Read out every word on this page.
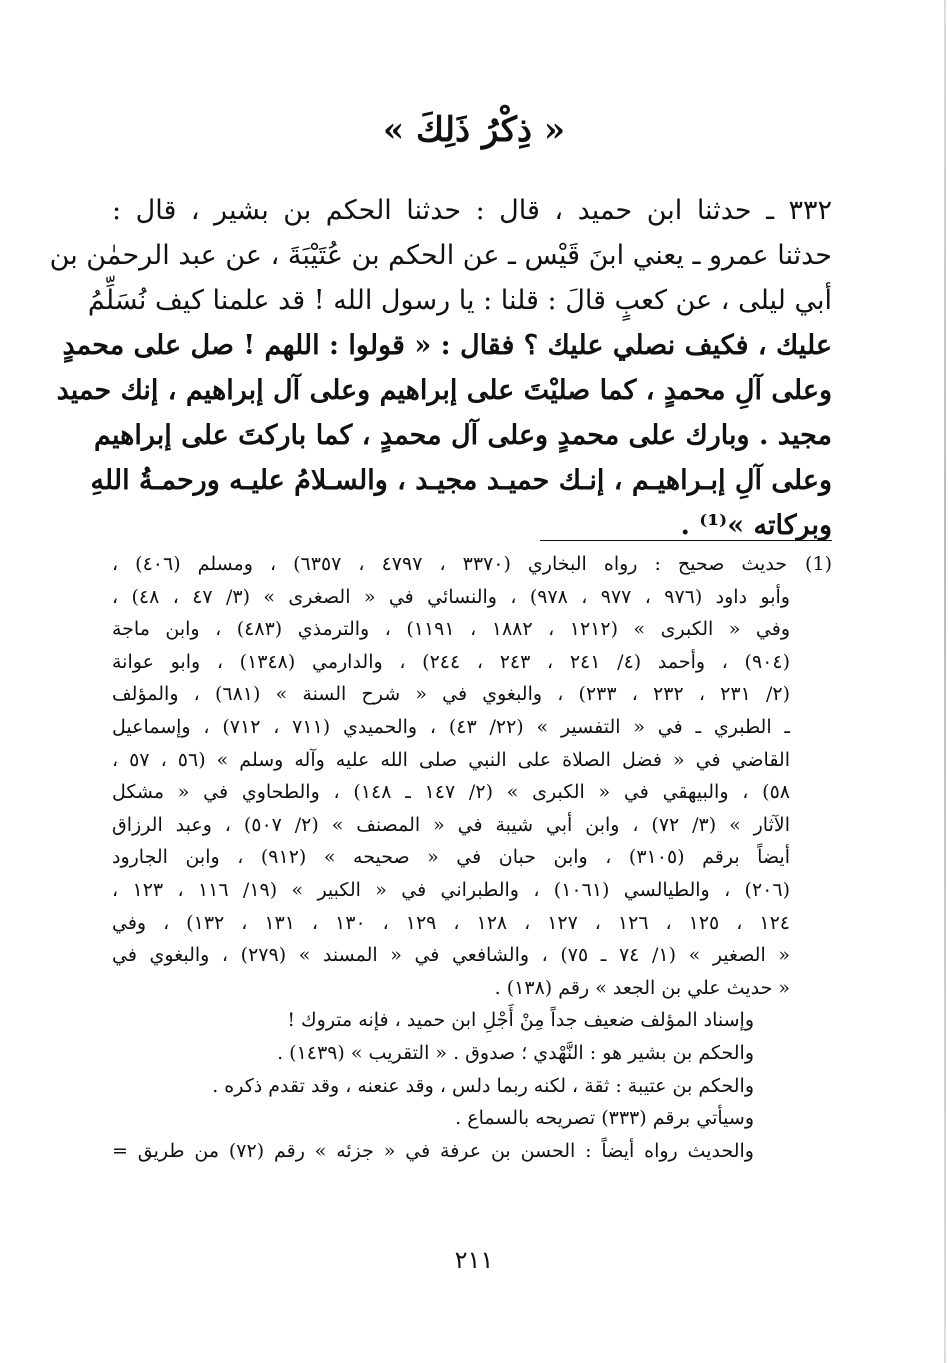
« ذِكْرُ ذَلِكَ »
٣٣٢ ـ حدثنا ابن حميد ، قال : حدثنا الحكم بن بشير ، قال :
حدثنا عمرو ـ يعني ابنَ قَيْس ـ عن الحكم بن عُتَيْبَةَ ، عن عبد الرحمٰن بن
أبي ليلى ، عن كعبٍ قالَ : قلنا : يا رسول الله ! قد علمنا كيف نُسَلِّمُ
عليك ، فكيف نصلي عليك ؟ فقال : « قولوا : اللهم ! صل على محمدٍ
وعلى آلِ محمدٍ ، كما صليْتَ على إبراهيم وعلى آل إبراهيم ، إنك حميد
مجيد . وبارك على محمدٍ وعلى آل محمدٍ ، كما باركتَ على إبراهيم
وعلى آلِ إبـراهيـم ، إنـك حميـد مجيـد ، والسـلامُ عليـه ورحمـةُ اللهِ
وبركاته »⁽¹⁾ .
(1)حديث صحيح : رواه البخاري (٣٣٧٠ ، ٤٧٩٧ ، ٦٣٥٧) ، ومسلم (٤٠٦) ،
وأبو داود (٩٧٦ ، ٩٧٧ ، ٩٧٨) ، والنسائي في « الصغرى » (٣/ ٤٧ ، ٤٨) ،
وفي « الكبرى » (١٢١٢ ، ١٨٨٢ ، ١١٩١) ، والترمذي (٤٨٣) ، وابن ماجة
(٩٠٤) ، وأحمد (٤/ ٢٤١ ، ٢٤٣ ، ٢٤٤) ، والدارمي (١٣٤٨) ، وابو عوانة
(٢/ ٢٣١ ، ٢٣٢ ، ٢٣٣) ، والبغوي في « شرح السنة » (٦٨١) ، والمؤلف
ـ الطبري ـ في « التفسير » (٢٢/ ٤٣) ، والحميدي (٧١١ ، ٧١٢) ، وإسماعيل
القاضي في « فضل الصلاة على النبي صلى الله عليه وآله وسلم » (٥٦ ، ٥٧ ،
٥٨) ، والبيهقي في « الكبرى » (٢/ ١٤٧ ـ ١٤٨) ، والطحاوي في « مشكل
الآثار » (٣/ ٧٢) ، وابن أبي شيبة في « المصنف » (٢/ ٥٠٧) ، وعبد الرزاق
أيضاً برقم (٣١٠٥) ، وابن حبان في « صحيحه » (٩١٢) ، وابن الجارود
(٢٠٦) ، والطيالسي (١٠٦١) ، والطبراني في « الكبير » (١٩/ ١١٦ ، ١٢٣ ،
١٢٤ ، ١٢٥ ، ١٢٦ ، ١٢٧ ، ١٢٨ ، ١٢٩ ، ١٣٠ ، ١٣١ ، ١٣٢) ، وفي
« الصغير » (١/ ٧٤ ـ ٧٥) ، والشافعي في « المسند » (٢٧٩) ، والبغوي في
« حديث علي بن الجعد » رقم (١٣٨) .
وإسناد المؤلف ضعيف جداً مِنْ أَجْلِ ابن حميد ، فإنه متروك !
والحكم بن بشير هو : النَّهْدي ؛ صدوق . « التقريب » (١٤٣٩) .
والحكم بن عتيبة : ثقة ، لكنه ربما دلس ، وقد عنعنه ، وقد تقدم ذكره .
وسيأتي برقم (٣٣٣) تصريحه بالسماع .
والحديث رواه أيضاً : الحسن بن عرفة في « جزئه » رقم (٧٢) من طريق =
٢١١
